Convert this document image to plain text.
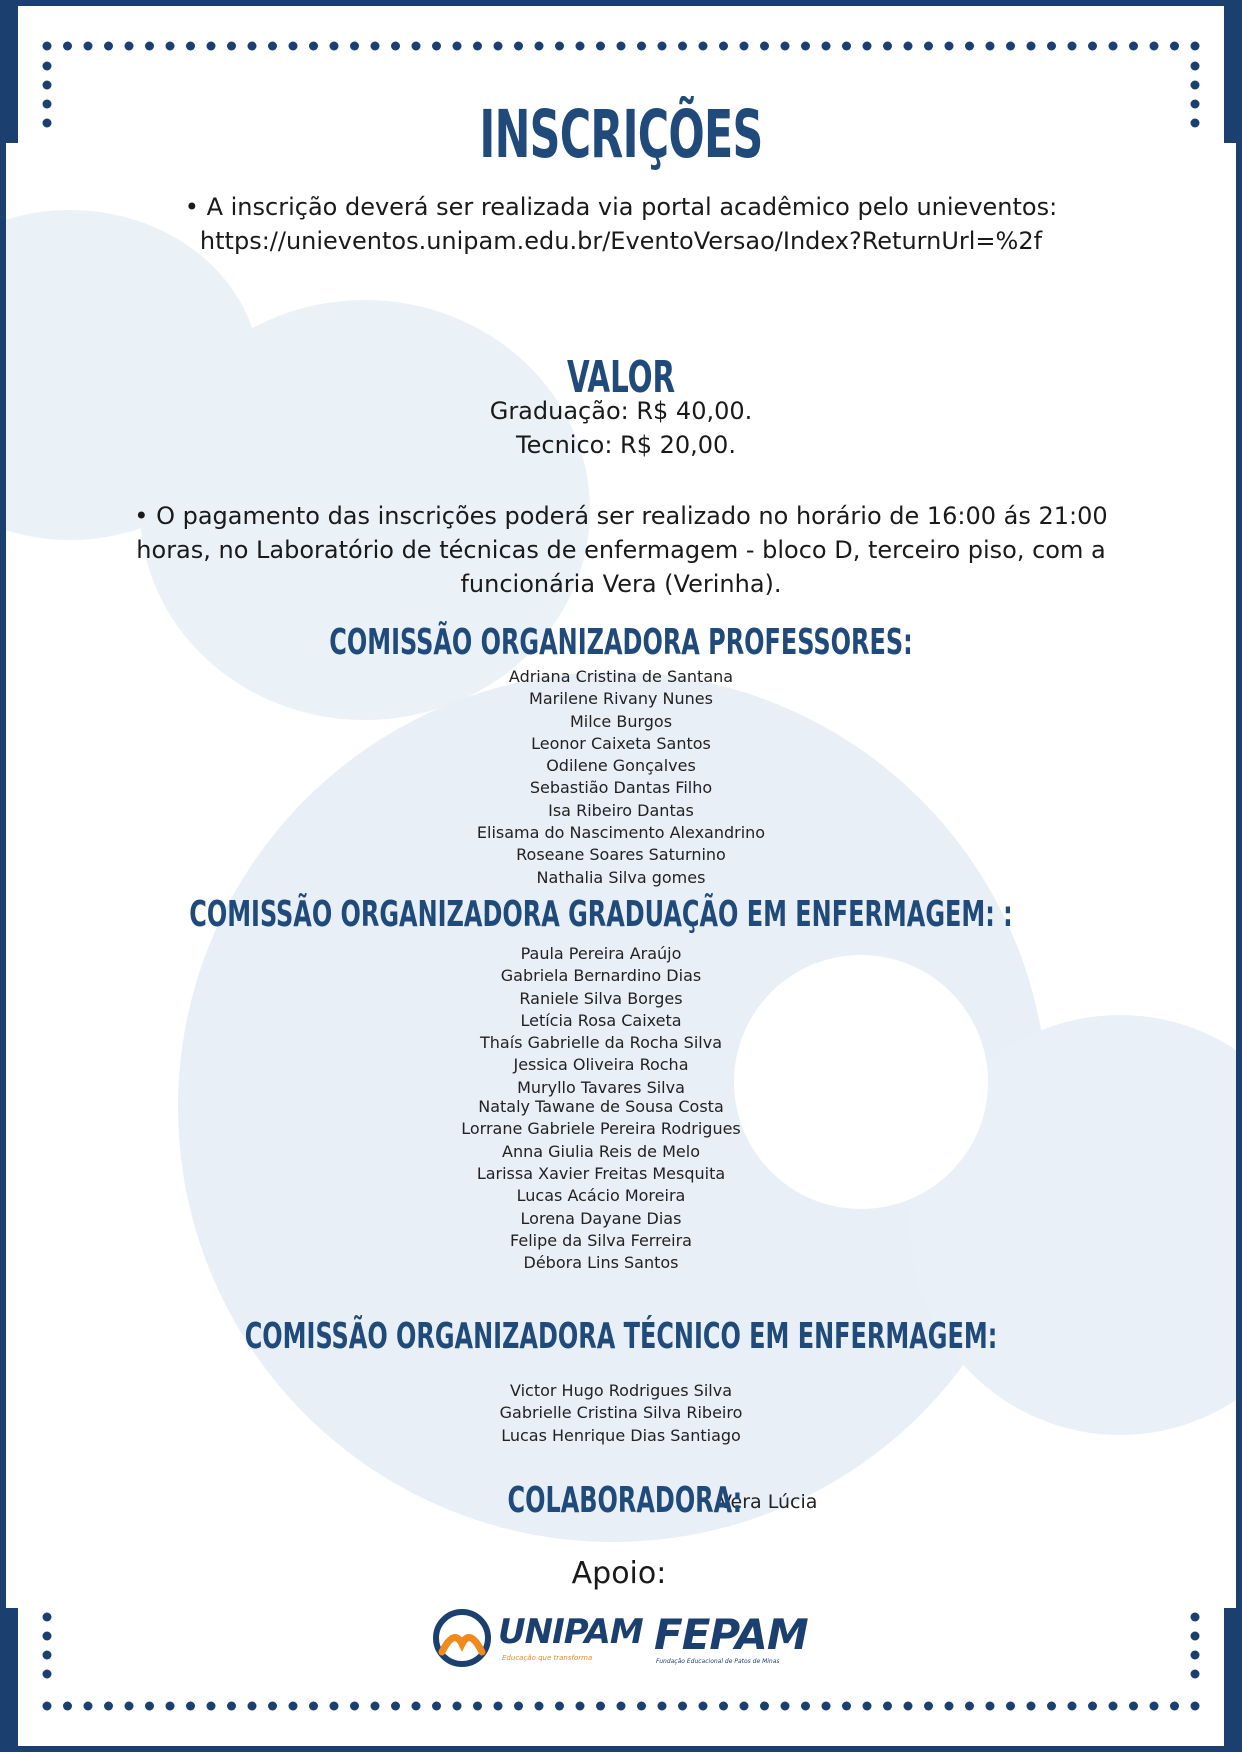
INSCRIÇÕES
• A inscrição deverá ser realizada via portal acadêmico pelo unieventos:
https://unieventos.unipam.edu.br/EventoVersao/Index?ReturnUrl=%2f
VALOR
Graduação: R$ 40,00.
Tecnico: R$ 20,00.
• O pagamento das inscrições poderá ser realizado no horário de 16:00 ás 21:00
horas, no Laboratório de técnicas de enfermagem - bloco D, terceiro piso, com a
funcionária Vera (Verinha).
COMISSÃO ORGANIZADORA PROFESSORES:
Adriana Cristina de Santana
Marilene Rivany Nunes
Milce Burgos
Leonor Caixeta Santos
Odilene Gonçalves
Sebastião Dantas Filho
Isa Ribeiro Dantas
Elisama do Nascimento Alexandrino
Roseane Soares Saturnino
Nathalia Silva gomes
COMISSÃO ORGANIZADORA GRADUAÇÃO EM ENFERMAGEM: :
Paula Pereira Araújo
Gabriela Bernardino Dias
Raniele Silva Borges
Letícia Rosa Caixeta
Thaís Gabrielle da Rocha Silva
Jessica Oliveira Rocha
Muryllo Tavares Silva
Nataly Tawane de Sousa Costa
Lorrane Gabriele Pereira Rodrigues
Anna Giulia Reis de Melo
Larissa Xavier Freitas Mesquita
Lucas Acácio Moreira
Lorena Dayane Dias
Felipe da Silva Ferreira
Débora Lins Santos
COMISSÃO ORGANIZADORA TÉCNICO EM ENFERMAGEM:
Victor Hugo Rodrigues Silva
Gabrielle Cristina Silva Ribeiro
Lucas Henrique Dias Santiago
COLABORADORA: Vera Lúcia
Apoio:
UNIPAM
Educação que transforma FEPAM
Fundação Educacional de Patos de Minas
